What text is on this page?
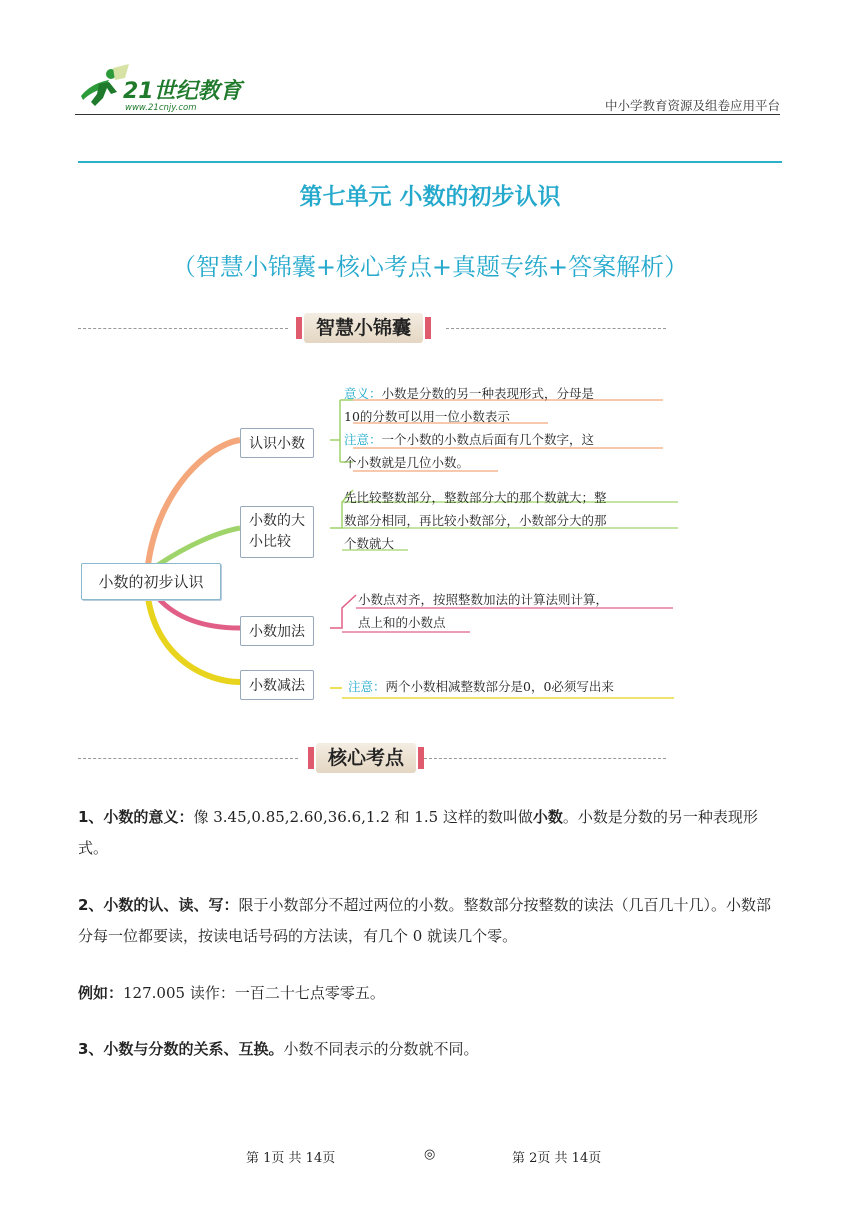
21世纪教育
www.21cnjy.com	中小学教育资源及组卷应用平台
第七单元 小数的初步认识
（智慧小锦囊+核心考点+真题专练+答案解析）
智慧小锦囊
小数的初步认识
认识小数
小数的大
小比较
小数加法
小数减法
意义：小数是分数的另一种表现形式，分母是
10的分数可以用一位小数表示
注意：一个小数的小数点后面有几个数字，这
个小数就是几位小数。
先比较整数部分，整数部分大的那个数就大；整
数部分相同，再比较小数部分，小数部分大的那
个数就大
小数点对齐，按照整数加法的计算法则计算，
点上和的小数点
注意：两个小数相减整数部分是0，0必须写出来
核心考点
1、小数的意义：像 3.45,0.85,2.60,36.6,1.2 和 1.5 这样的数叫做小数。小数是分数的另一种表现形式。
2、小数的认、读、写：限于小数部分不超过两位的小数。整数部分按整数的读法（几百几十几）。小数部分每一位都要读，按读电话号码的方法读，有几个 0 就读几个零。
例如：127.005 读作：一百二十七点零零五。
3、小数与分数的关系、互换。小数不同表示的分数就不同。
第 1页 共 14页	◎	第 2页 共 14页
